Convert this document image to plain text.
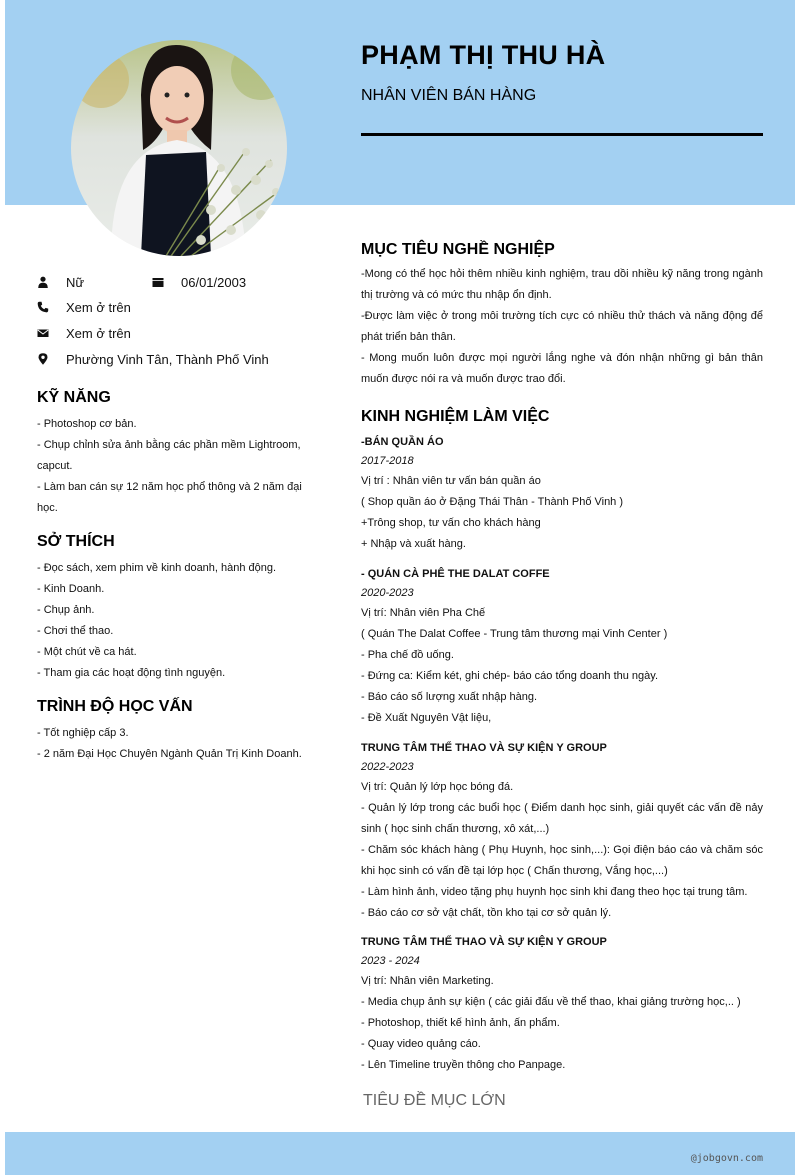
PHẠM THỊ THU HÀ
NHÂN VIÊN BÁN HÀNG
Nữ	06/01/2003
Xem ở trên
Xem ở trên
Phường Vinh Tân, Thành Phố Vinh
KỸ NĂNG
- Photoshop cơ bản.
- Chụp chỉnh sửa ảnh bằng các phần mềm Lightroom, capcut.
- Làm ban cán sự 12 năm học phổ thông và 2 năm đại học.
SỞ THÍCH
- Đọc sách, xem phim về kinh doanh, hành động.
- Kinh Doanh.
- Chụp ảnh.
- Chơi thể thao.
- Một chút về ca hát.
- Tham gia các hoạt động tình nguyện.
TRÌNH ĐỘ HỌC VẤN
- Tốt nghiệp cấp 3.
- 2 năm Đại Học Chuyên Ngành Quản Trị Kinh Doanh.
MỤC TIÊU NGHỀ NGHIỆP
-Mong có thể học hỏi thêm nhiều kinh nghiệm, trau dồi nhiều kỹ năng trong ngành thị trường và có mức thu nhập ổn định.
-Được làm việc ở trong môi trường tích cực có nhiều thử thách và năng động để phát triển bản thân.
- Mong muốn luôn được mọi người lắng nghe và đón nhận những gì bản thân muốn được nói ra và muốn được trao đổi.
KINH NGHIỆM LÀM VIỆC
-BÁN QUẦN ÁO
2017-2018
Vị trí : Nhân viên tư vấn bán quần áo
( Shop quần áo ở Đặng Thái Thân - Thành Phố Vinh )
+Trông shop, tư vấn cho khách hàng
+ Nhập và xuất hàng.
- QUÁN CÀ PHÊ THE DALAT COFFE
2020-2023
Vị trí: Nhân viên Pha Chế
( Quán The Dalat Coffee - Trung tâm thương mại Vinh Center )
- Pha chế đồ uống.
- Đứng ca: Kiểm két, ghi chép- báo cáo tổng doanh thu ngày.
- Báo cáo số lượng xuất nhập hàng.
- Đề Xuất Nguyên Vật liệu,
TRUNG TÂM THỂ THAO VÀ SỰ KIỆN Y GROUP
2022-2023
Vị trí: Quản lý lớp học bóng đá.
- Quản lý lớp trong các buổi học ( Điểm danh học sinh, giải quyết các vấn đề nảy sinh ( học sinh chấn thương, xô xát,...)
- Chăm sóc khách hàng ( Phụ Huynh, học sinh,...): Gọi điện báo cáo và chăm sóc khi học sinh có vấn đề tại lớp học ( Chấn thương, Vắng học,...)
- Làm hình ảnh, video tặng phụ huynh học sinh khi đang theo học tại trung tâm.
- Báo cáo cơ sở vật chất, tồn kho tại cơ sở quản lý.
TRUNG TÂM THỂ THAO VÀ SỰ KIỆN Y GROUP
2023 - 2024
Vị trí: Nhân viên Marketing.
- Media chụp ảnh sự kiện ( các giải đấu về thể thao, khai giảng trường học,.. )
- Photoshop, thiết kế hình ảnh, ấn phẩm.
- Quay video quảng cáo.
- Lên Timeline truyền thông cho Panpage.
TIÊU ĐỀ MỤC LỚN
@jobgovn.com
